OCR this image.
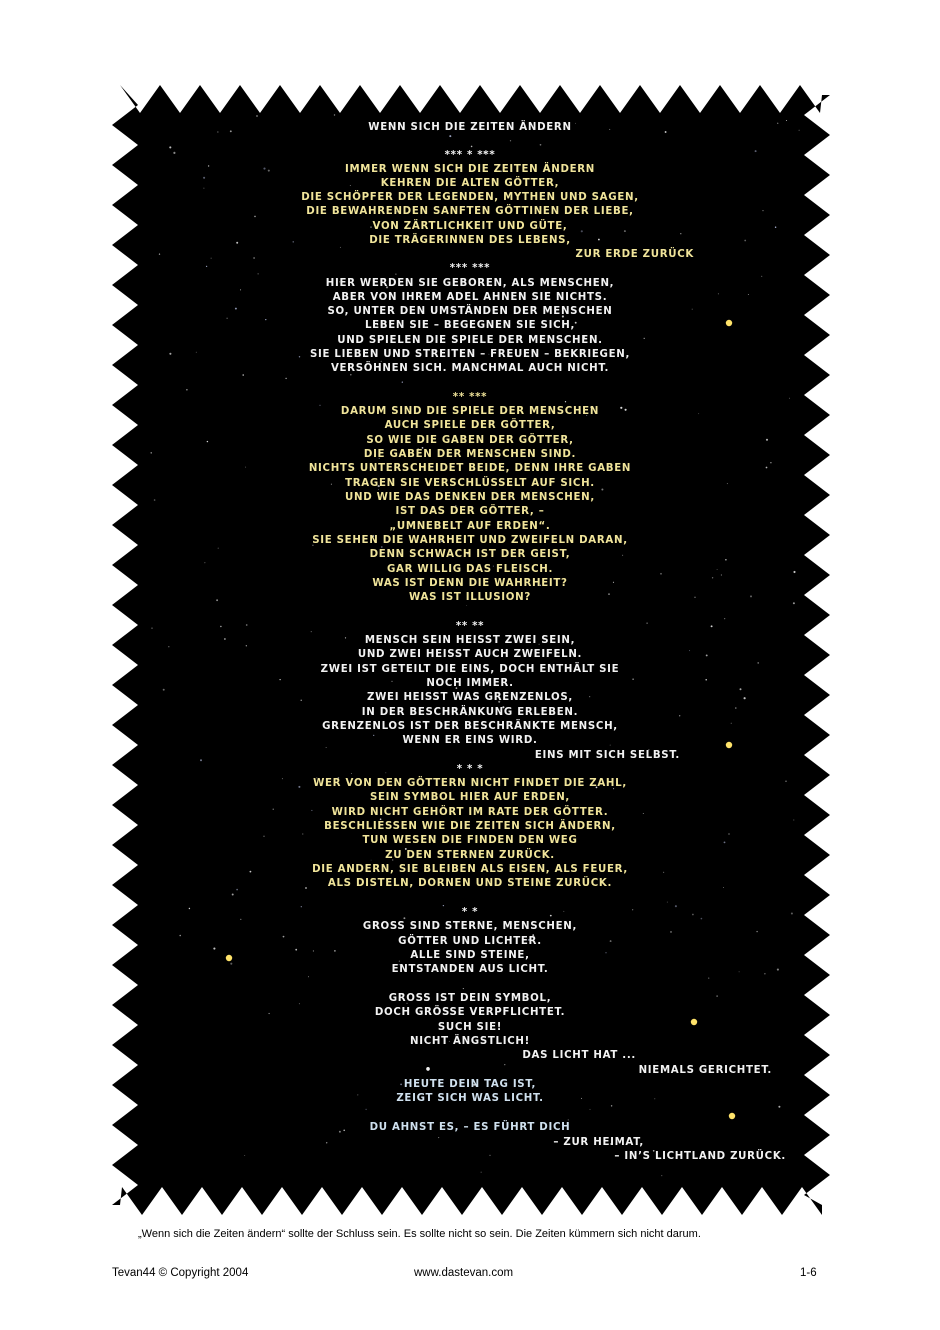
WENN SICH DIE ZEITEN ÄNDERN
*** * ***
IMMER WENN SICH DIE ZEITEN ÄNDERN
KEHREN DIE ALTEN GÖTTER,
DIE SCHÖPFER DER LEGENDEN, MYTHEN UND SAGEN,
DIE BEWAHRENDEN SANFTEN GÖTTINEN DER LIEBE,
VON ZÄRTLICHKEIT UND GÜTE,
DIE TRÄGERINNEN DES LEBENS,
ZUR ERDE ZURÜCK
*** ***
HIER WERDEN SIE GEBOREN, ALS MENSCHEN,
ABER VON IHREM ADEL AHNEN SIE NICHTS.
SO, UNTER DEN UMSTÄNDEN DER MENSCHEN
LEBEN SIE – BEGEGNEN SIE SICH,
UND SPIELEN DIE SPIELE DER MENSCHEN.
SIE LIEBEN UND STREITEN – FREUEN – BEKRIEGEN,
VERSÖHNEN SICH. MANCHMAL AUCH NICHT.
** ***
DARUM SIND DIE SPIELE DER MENSCHEN
AUCH SPIELE DER GÖTTER,
SO WIE DIE GABEN DER GÖTTER,
DIE GABEN DER MENSCHEN SIND.
NICHTS UNTERSCHEIDET BEIDE, DENN IHRE GABEN
TRAGEN SIE VERSCHLÜSSELT AUF SICH.
UND WIE DAS DENKEN DER MENSCHEN,
IST DAS DER GÖTTER, –
„UMNEBELT AUF ERDEN“.
SIE SEHEN DIE WAHRHEIT UND ZWEIFELN DARAN,
DENN SCHWACH IST DER GEIST,
GAR WILLIG DAS FLEISCH.
WAS IST DENN DIE WAHRHEIT?
WAS IST ILLUSION?
** **
MENSCH SEIN HEISST ZWEI SEIN,
UND ZWEI HEISST AUCH ZWEIFELN.
ZWEI IST GETEILT DIE EINS, DOCH ENTHÄLT SIE
NOCH IMMER.
ZWEI HEISST WAS GRENZENLOS,
IN DER BESCHRÄNKUNG ERLEBEN.
GRENZENLOS IST DER BESCHRÄNKTE MENSCH,
WENN ER EINS WIRD.
EINS MIT SICH SELBST.
* * *
WER VON DEN GÖTTERN NICHT FINDET DIE ZAHL,
SEIN SYMBOL HIER AUF ERDEN,
WIRD NICHT GEHÖRT IM RATE DER GÖTTER.
BESCHLIESSEN WIE DIE ZEITEN SICH ÄNDERN,
TUN WESEN DIE FINDEN DEN WEG
ZU DEN STERNEN ZURÜCK.
DIE ANDERN, SIE BLEIBEN ALS EISEN, ALS FEUER,
ALS DISTELN, DORNEN UND STEINE ZURÜCK.
* *
GROSS SIND STERNE, MENSCHEN,
GÖTTER UND LICHTER.
ALLE SIND STEINE,
ENTSTANDEN AUS LICHT.
GROSS IST DEIN SYMBOL,
DOCH GRÖSSE VERPFLICHTET.
SUCH SIE!
NICHT ÄNGSTLICH!
DAS LICHT HAT ...
•	NIEMALS GERICHTET.
HEUTE DEIN TAG IST,
ZEIGT SICH WAS LICHT.
DU AHNST ES, – ES FÜHRT DICH
– ZUR HEIMAT,
– IN’S LICHTLAND ZURÜCK.
„Wenn sich die Zeiten ändern“ sollte der Schluss sein. Es sollte nicht so sein. Die Zeiten kümmern sich nicht darum.
Tevan44 © Copyright 2004	www.dastevan.com	1-6
